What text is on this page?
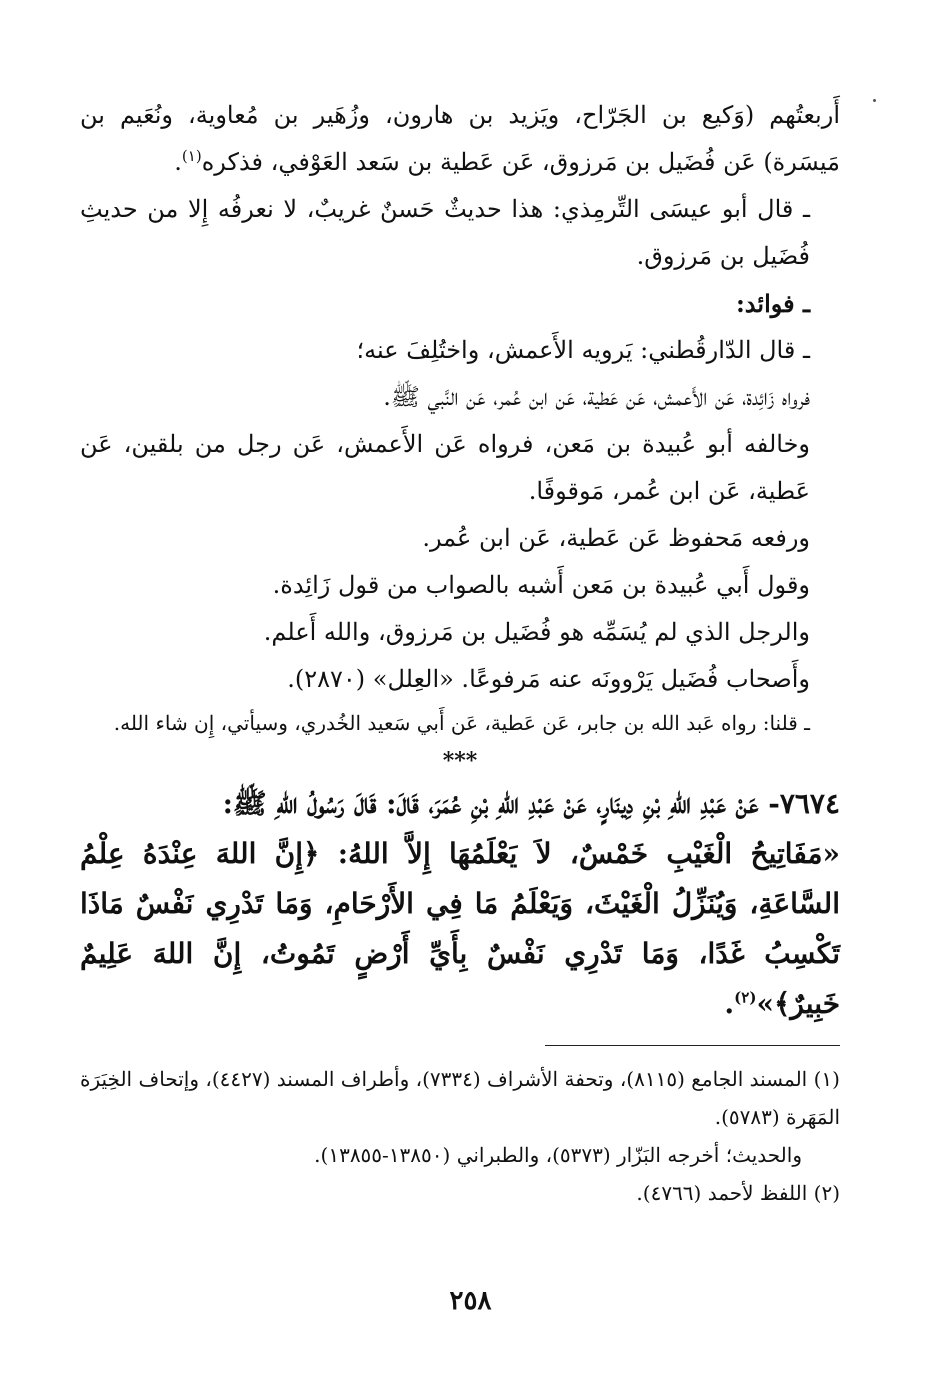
أَربعتُهم (وَكيع بن الجَرّاح، ويَزيد بن هارون، وزُهَير بن مُعاوية، ونُعَيم بن مَيسَرة) عَن فُضَيل بن مَرزوق، عَن عَطية بن سَعد العَوْفي، فذكره$^{(١)}$.

ـ قال أبو عيسَى التِّرمِذي: هذا حديثٌ حَسنٌ غريبٌ، لا نعرفُه إِلا من حديثِ فُضَيل بن مَرزوق.

ـ فوائد:

ـ قال الدّارقُطني: يَرويه الأَعمش، واختُلِفَ عنه؛

فرواه زَائِدة، عَن الأَعمش، عَن عَطية، عَن ابن عُمر، عَن النَّبي ﷺ.

وخالفه أبو عُبيدة بن مَعن، فرواه عَن الأَعمش، عَن رجل من بلقين، عَن عَطية، عَن ابن عُمر، مَوقوفًا.

ورفعه مَحفوظ عَن عَطية، عَن ابن عُمر.

وقول أَبي عُبيدة بن مَعن أَشبه بالصواب من قول زَائِدة.

والرجل الذي لم يُسَمِّه هو فُضَيل بن مَرزوق، والله أَعلم.

وأَصحاب فُضَيل يَرْوونَه عنه مَرفوعًا. «العِلل» (٢٨٧٠).

ـ قلنا: رواه عَبد الله بن جابر، عَن عَطية، عَن أَبي سَعيد الخُدري، وسيأتي، إِن شاء الله.

***

٧٦٧٤- عَنْ عَبْدِ اللهِ بْنِ دِينَارٍ، عَنْ عَبْدِ اللهِ بْنِ عُمَرَ، قَالَ: قَالَ رَسُولُ اللهِ ﷺ:

«مَفَاتِيحُ الْغَيْبِ خَمْسٌ، لاَ يَعْلَمُهَا إِلاَّ اللهُ: ﴿إِنَّ اللهَ عِنْدَهُ عِلْمُ السَّاعَةِ، وَيُنَزِّلُ الْغَيْثَ، وَيَعْلَمُ مَا فِي الأَرْحَامِ، وَمَا تَدْرِي نَفْسٌ مَاذَا تَكْسِبُ غَدًا، وَمَا تَدْرِي نَفْسٌ بِأَيِّ أَرْضٍ تَمُوتُ، إِنَّ اللهَ عَلِيمٌ خَبِيرٌ﴾»$^{(٢)}$.

(١) المسند الجامع (٨١١٥)، وتحفة الأشراف (٧٣٣٤)، وأطراف المسند (٤٤٢٧)، وإتحاف الخِيَرَة المَهَرة (٥٧٨٣).

والحديث؛ أخرجه البَزّار (٥٣٧٣)، والطبراني (١٣٨٥٠-١٣٨٥٥).

(٢) اللفظ لأحمد (٤٧٦٦).

٢٥٨
